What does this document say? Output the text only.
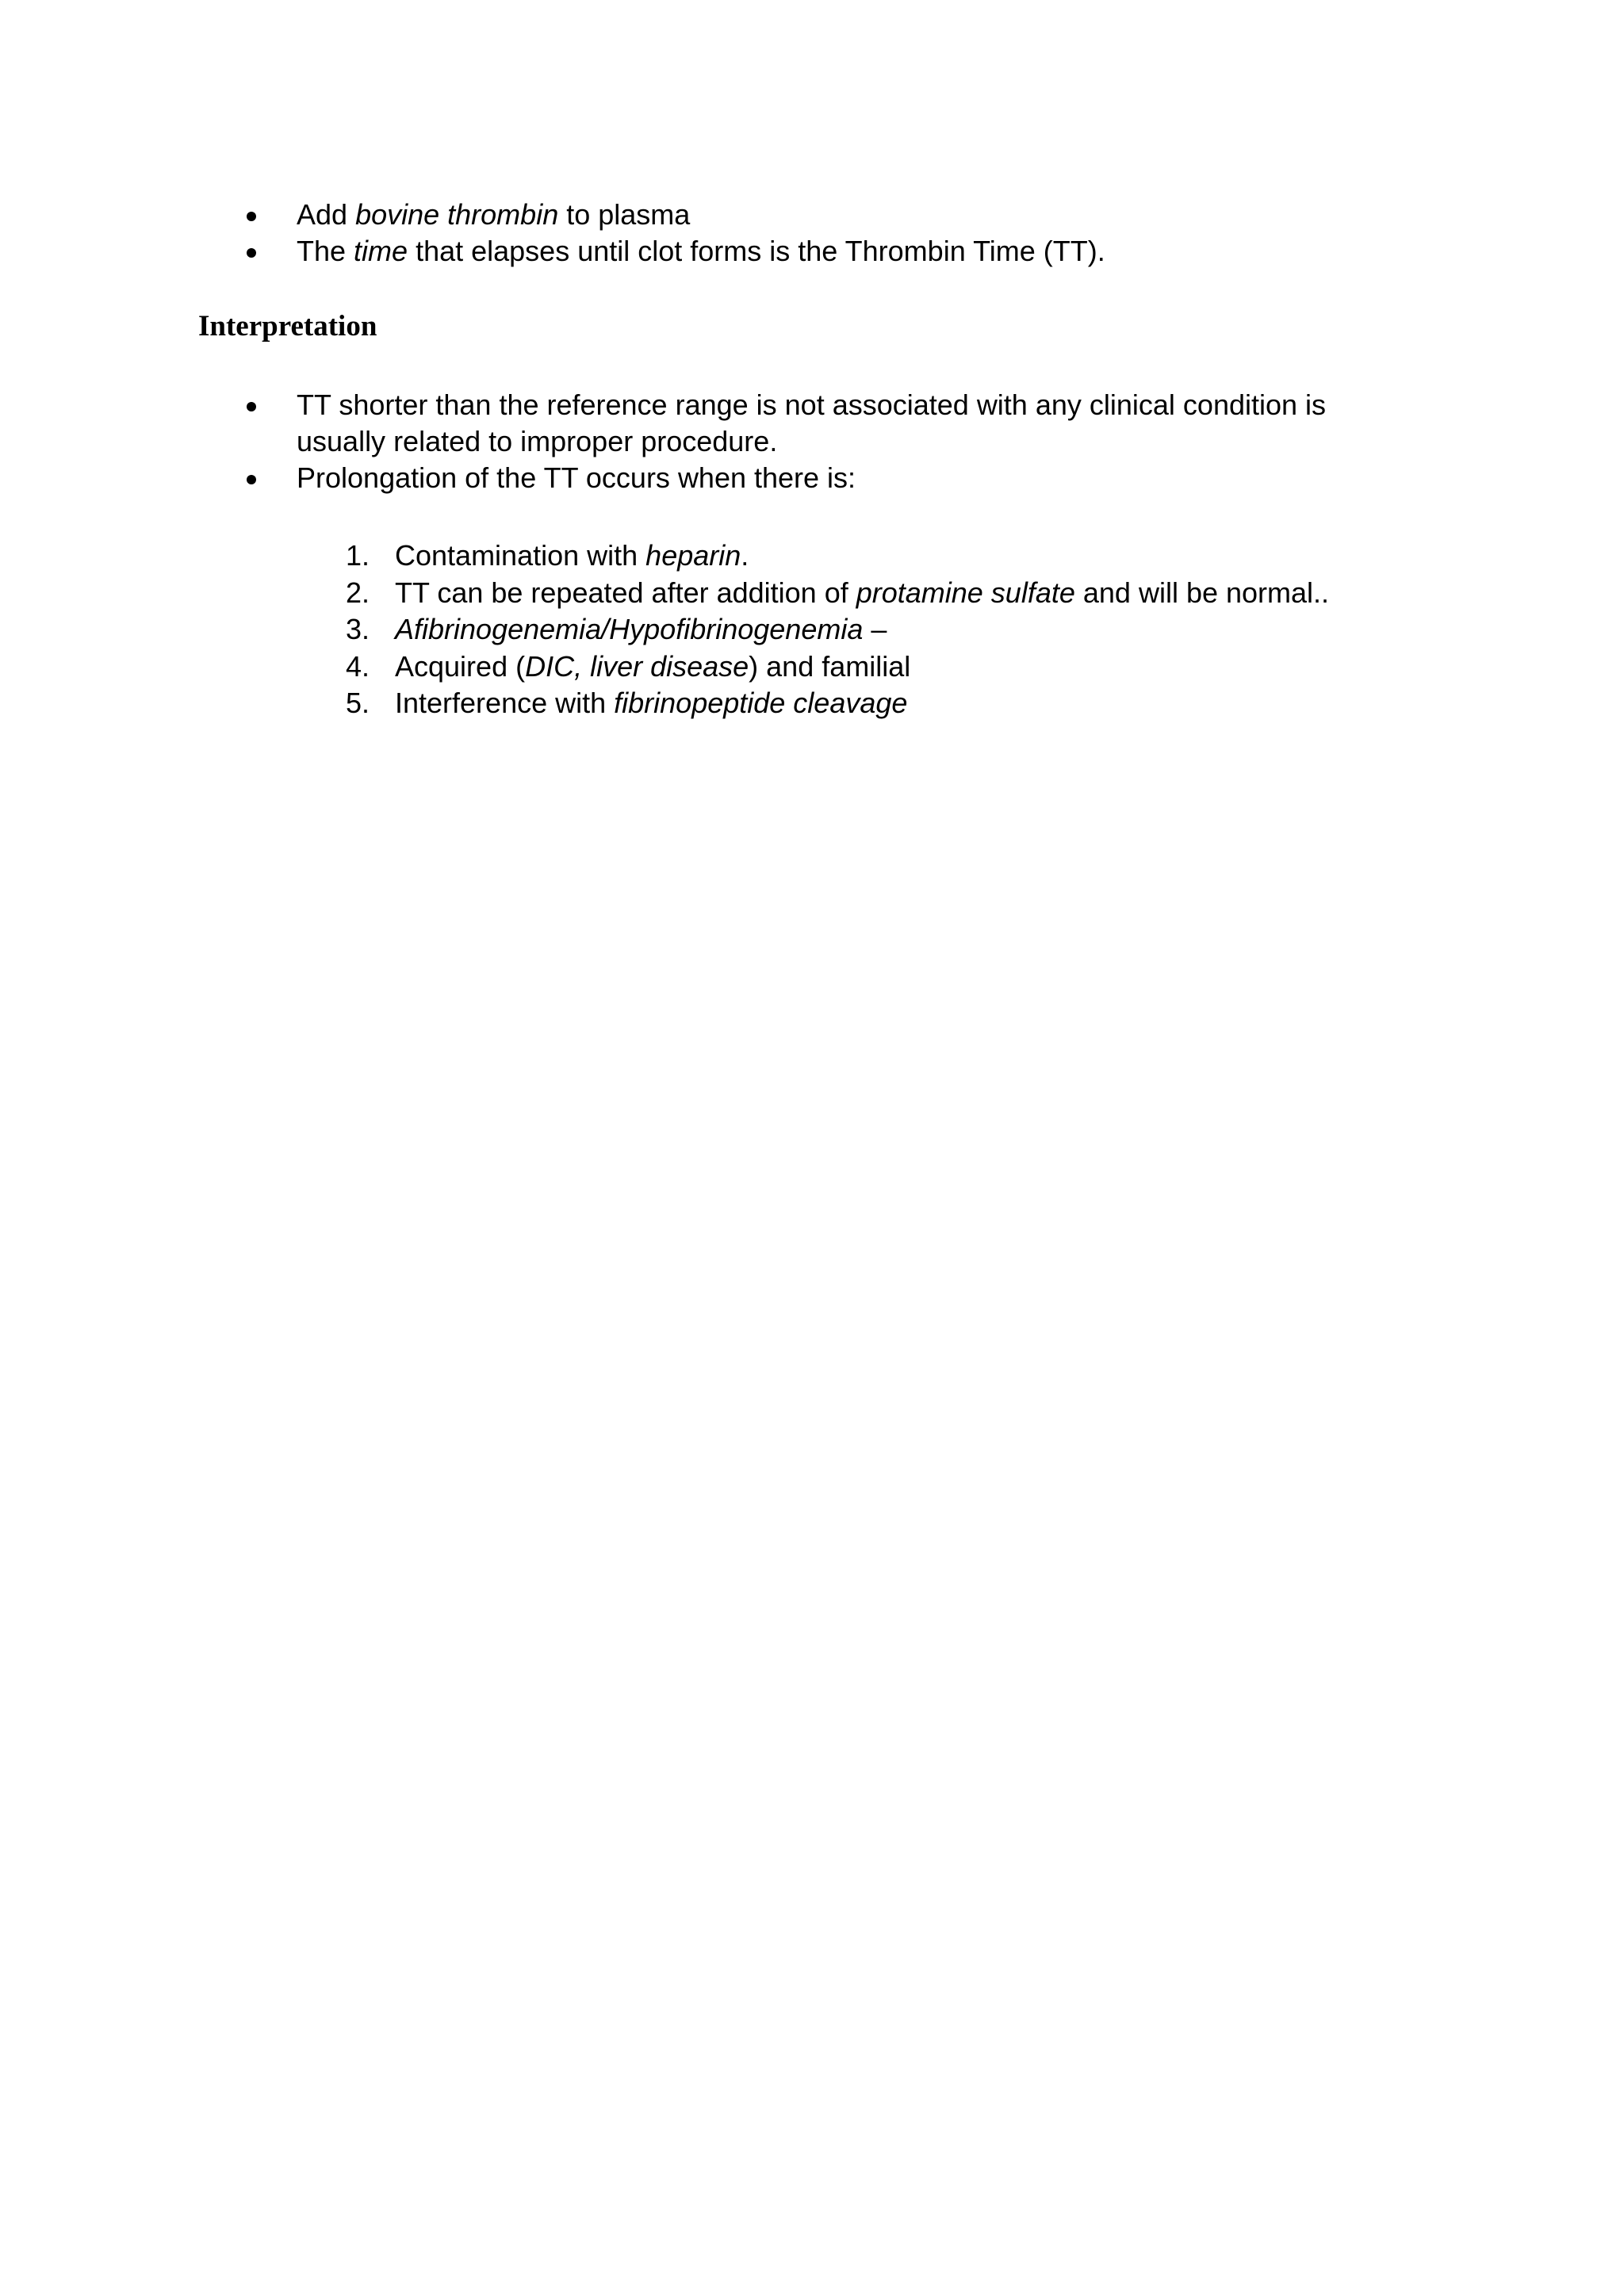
Add bovine thrombin to plasma
The time that elapses until clot forms is the Thrombin Time (TT).
Interpretation
TT shorter than the reference range is not associated with any clinical condition is usually related to improper procedure.
Prolongation of the TT occurs when there is:
1. Contamination with heparin.
2. TT can be repeated after addition of protamine sulfate and will be normal..
3. Afibrinogenemia/Hypofibrinogenemia –
4. Acquired (DIC, liver disease) and familial
5. Interference with fibrinopeptide cleavage
